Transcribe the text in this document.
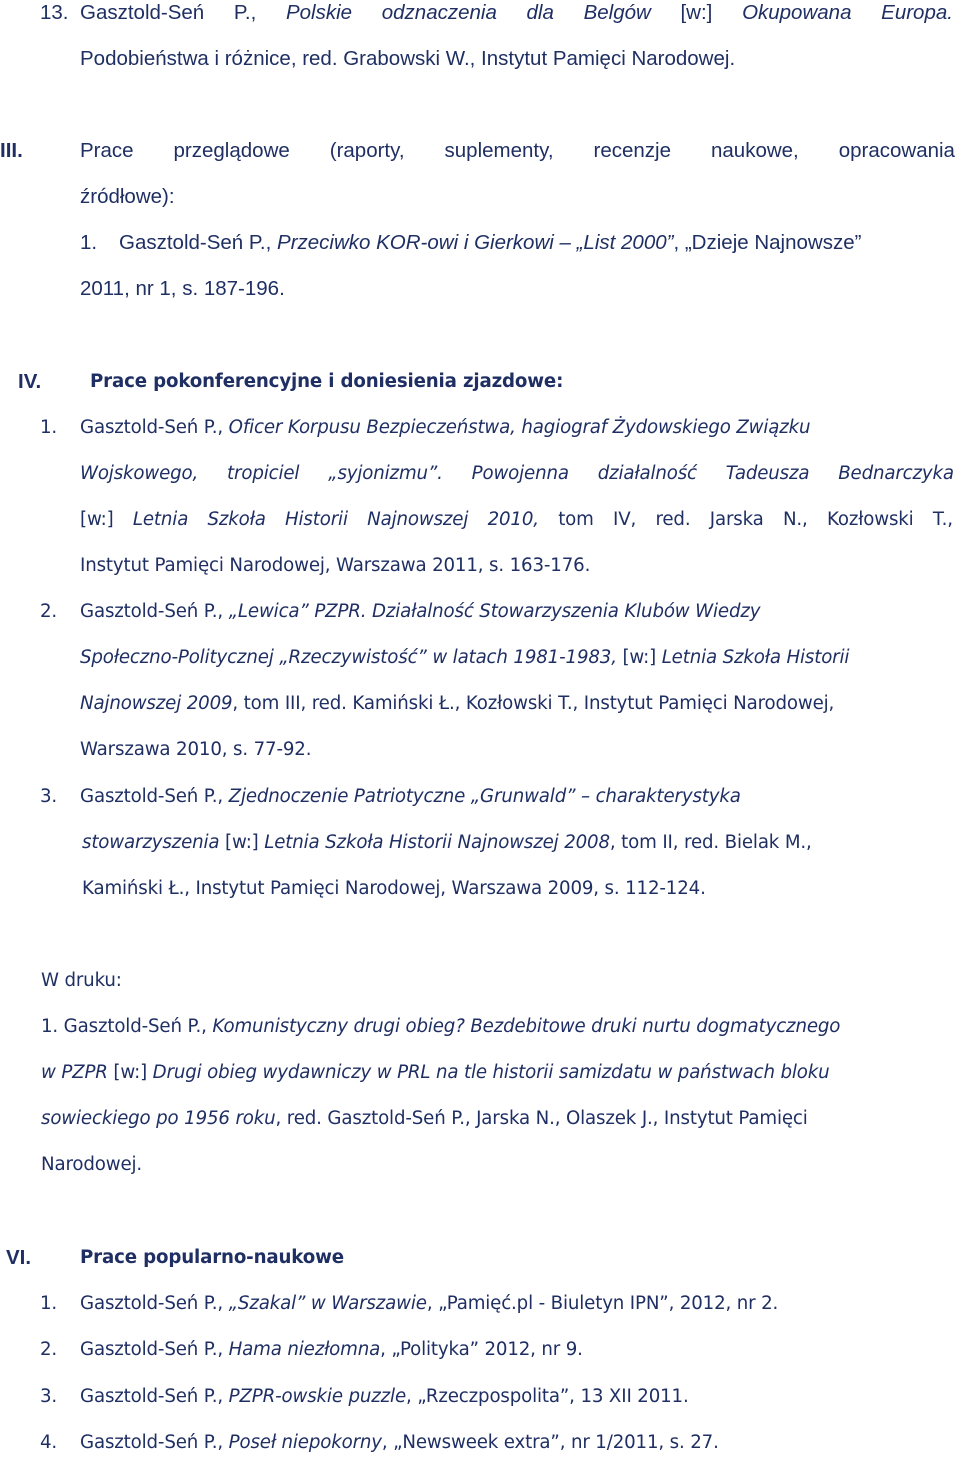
13. Gasztold-Seń P., Polskie odznaczenia dla Belgów [w:] Okupowana Europa.
Podobieństwa i różnice, red. Grabowski W., Instytut Pamięci Narodowej.
III.	Prace przeglądowe (raporty, suplementy, recenzje naukowe, opracowania
źródłowe):
1. Gasztold-Seń P., Przeciwko KOR-owi i Gierkowi – „List 2000”, „Dzieje Najnowsze”
2011, nr 1, s. 187-196.
IV.	Prace pokonferencyjne i doniesienia zjazdowe:
1. Gasztold-Seń P., Oficer Korpusu Bezpieczeństwa, hagiograf Żydowskiego Związku
Wojskowego, tropiciel „syjonizmu”. Powojenna działalność Tadeusza Bednarczyka
[w:] Letnia Szkoła Historii Najnowszej 2010, tom IV, red. Jarska N., Kozłowski T.,
Instytut Pamięci Narodowej, Warszawa 2011, s. 163-176.
2. Gasztold-Seń P., „Lewica” PZPR. Działalność Stowarzyszenia Klubów Wiedzy
Społeczno-Politycznej „Rzeczywistość” w latach 1981-1983, [w:] Letnia Szkoła Historii
Najnowszej 2009, tom III, red. Kamiński Ł., Kozłowski T., Instytut Pamięci Narodowej,
Warszawa 2010, s. 77-92.
3. Gasztold-Seń P., Zjednoczenie Patriotyczne „Grunwald” – charakterystyka
stowarzyszenia [w:] Letnia Szkoła Historii Najnowszej 2008, tom II, red. Bielak M.,
Kamiński Ł., Instytut Pamięci Narodowej, Warszawa 2009, s. 112-124.
W druku:
1. Gasztold-Seń P., Komunistyczny drugi obieg? Bezdebitowe druki nurtu dogmatycznego
w PZPR [w:] Drugi obieg wydawniczy w PRL na tle historii samizdatu w państwach bloku
sowieckiego po 1956 roku, red. Gasztold-Seń P., Jarska N., Olaszek J., Instytut Pamięci
Narodowej.
VI.	Prace popularno-naukowe
1. Gasztold-Seń P., „Szakal” w Warszawie, „Pamięć.pl - Biuletyn IPN”, 2012, nr 2.
2. Gasztold-Seń P., Hama niezłomna, „Polityka” 2012, nr 9.
3. Gasztold-Seń P., PZPR-owskie puzzle, „Rzeczpospolita”, 13 XII 2011.
4. Gasztold-Seń P., Poseł niepokorny, „Newsweek extra”, nr 1/2011, s. 27.
